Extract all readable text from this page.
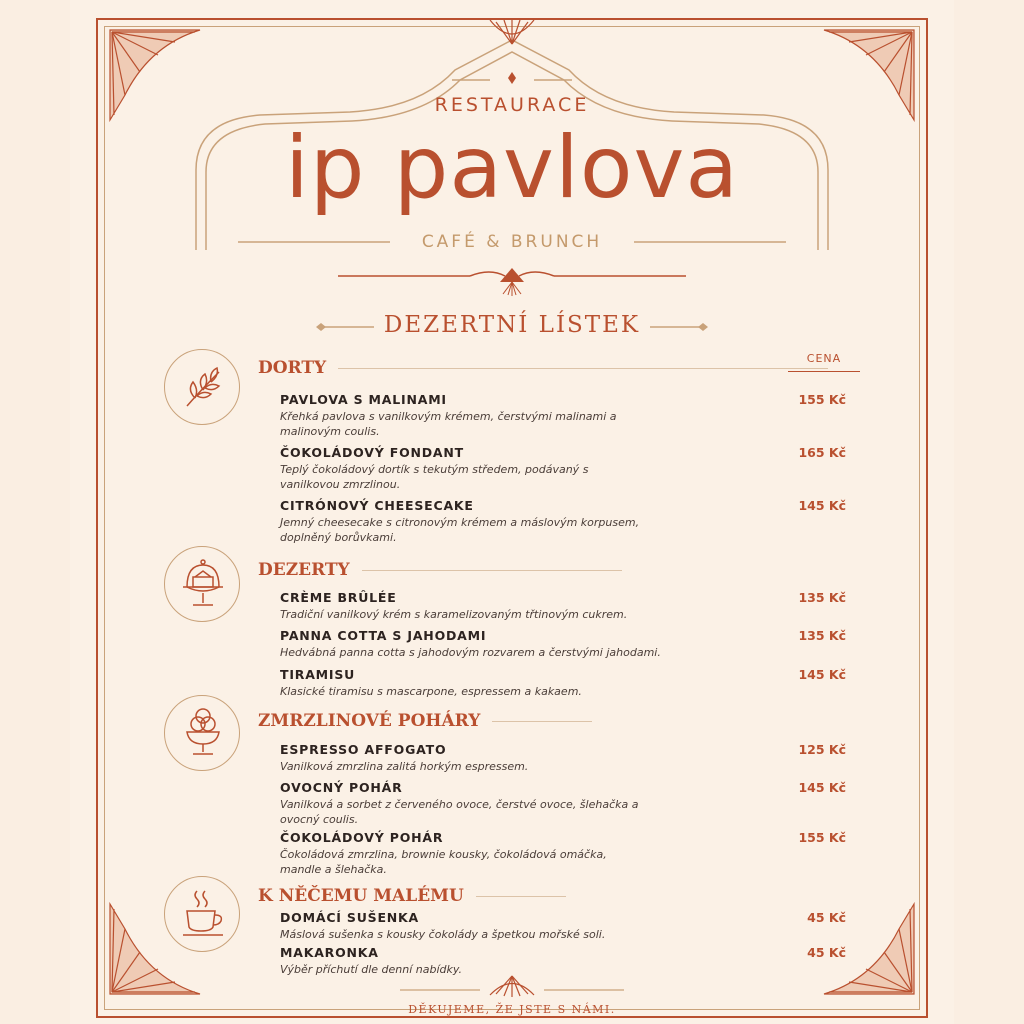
RESTAURACE
ip pavlova
CAFÉ & BRUNCH
DEZERTNÍ LÍSTEK
CENA
DORTY
PAVLOVA S MALINAMI
Křehká pavlova s vanilkovým krémem, čerstvými malinami a malinovým coulis.
155 Kč
ČOKOLÁDOVÝ FONDANT
Teplý čokoládový dortík s tekutým středem, podávaný s vanilkovou zmrzlinou.
165 Kč
CITRÓNOVÝ CHEESECAKE
Jemný cheesecake s citronovým krémem a máslovým korpusem, doplněný borůvkami.
145 Kč
DEZERTY
CRÈME BRÛLÉE
Tradiční vanilkový krém s karamelizovaným třtinovým cukrem.
135 Kč
PANNA COTTA S JAHODAMI
Hedvábná panna cotta s jahodovým rozvarem a čerstvými jahodami.
135 Kč
TIRAMISU
Klasické tiramisu s mascarpone, espressem a kakaem.
145 Kč
ZMRZLINOVÉ POHÁRY
ESPRESSO AFFOGATO
Vanilková zmrzlina zalitá horkým espressem.
125 Kč
OVOCNÝ POHÁR
Vanilková a sorbet z červeného ovoce, čerstvé ovoce, šlehačka a ovocný coulis.
145 Kč
ČOKOLÁDOVÝ POHÁR
Čokoládová zmrzlina, brownie kousky, čokoládová omáčka, mandle a šlehačka.
155 Kč
K NĚČEMU MALÉMU
DOMÁCÍ SUŠENKA
Máslová sušenka s kousky čokolády a špetkou mořské soli.
45 Kč
MAKARONKA
Výběr příchutí dle denní nabídky.
45 Kč
DĚKUJEME, ŽE JSTE S NÁMI.
